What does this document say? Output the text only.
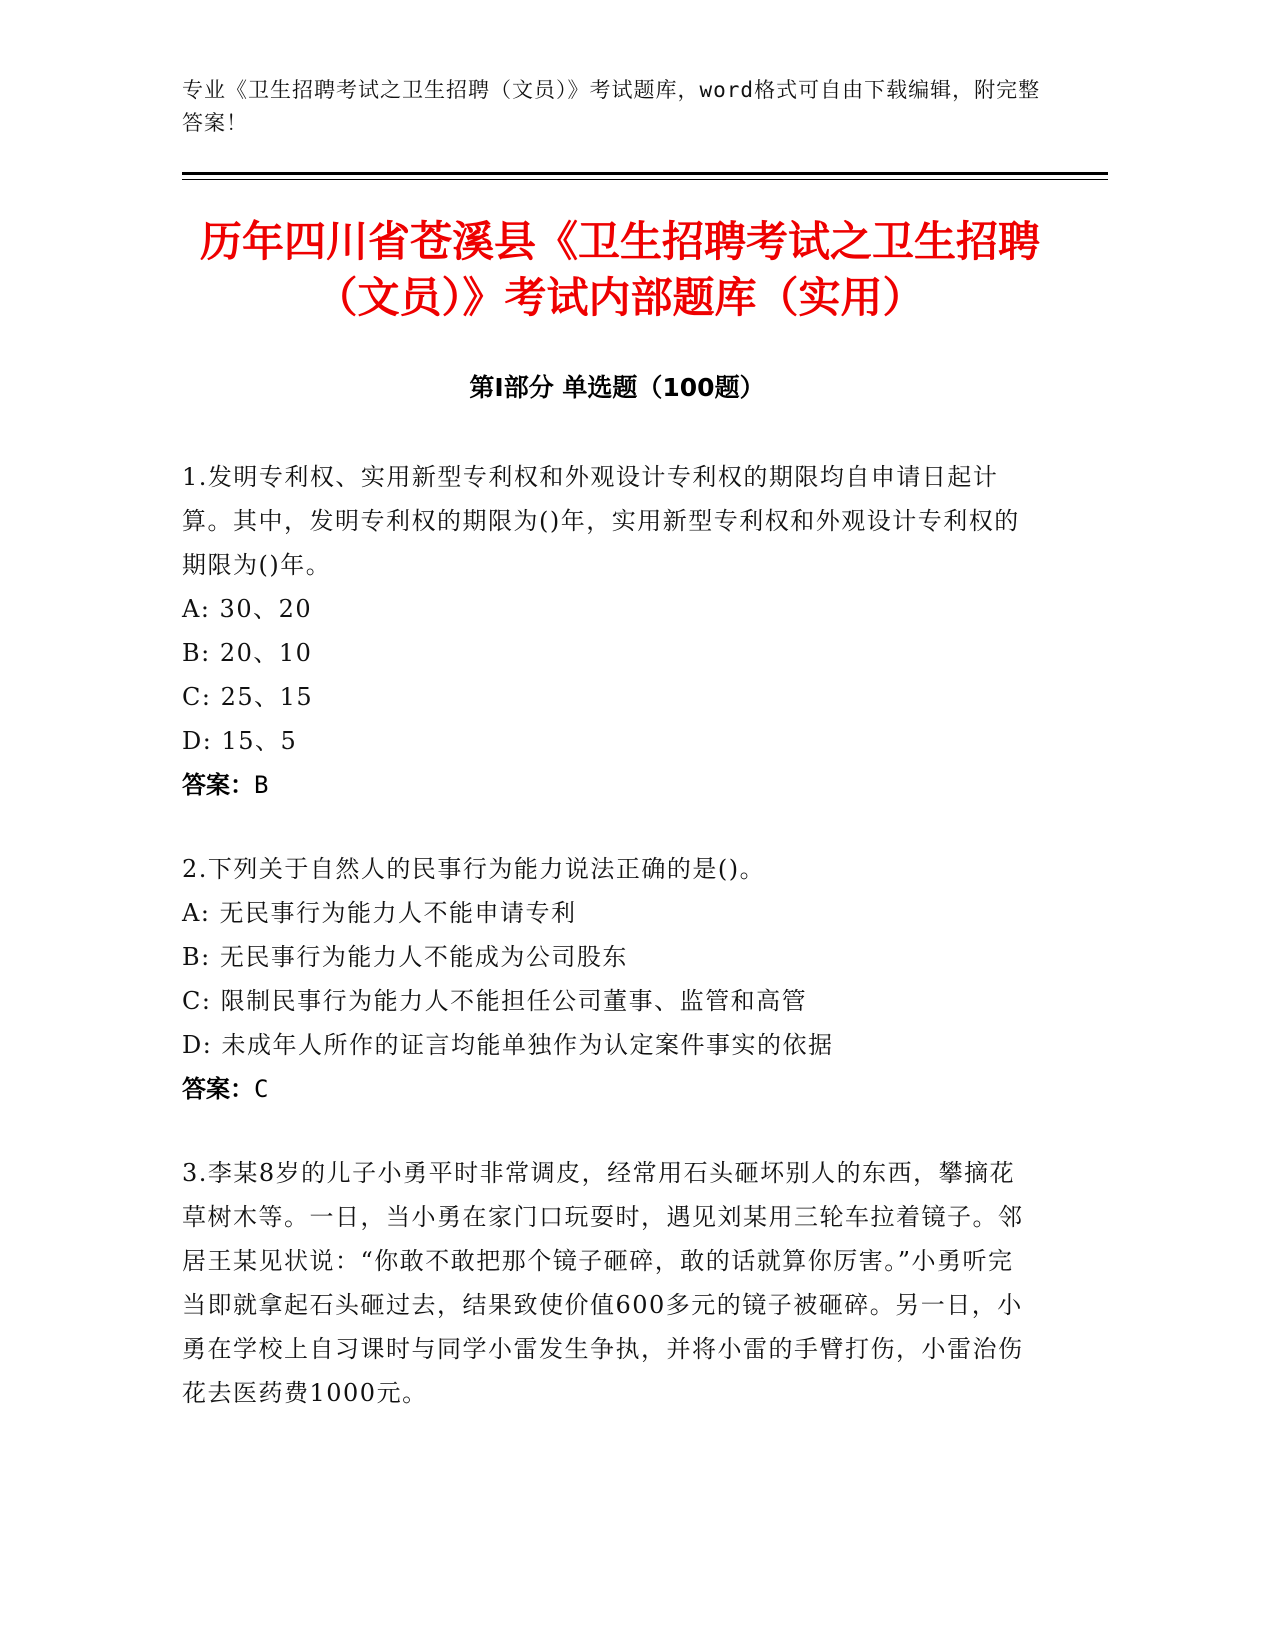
专业《卫生招聘考试之卫生招聘（文员）》考试题库，word格式可自由下载编辑，附完整答案！
历年四川省苍溪县《卫生招聘考试之卫生招聘（文员）》考试内部题库（实用）
第Ⅰ部分 单选题（100题）

1.发明专利权、实用新型专利权和外观设计专利权的期限均自申请日起计算。其中，发明专利权的期限为()年，实用新型专利权和外观设计专利权的期限为()年。

A: 30、20

B: 20、10

C: 25、15

D: 15、5

答案：B

2.下列关于自然人的民事行为能力说法正确的是()。

A: 无民事行为能力人不能申请专利

B: 无民事行为能力人不能成为公司股东

C: 限制民事行为能力人不能担任公司董事、监管和高管

D: 未成年人所作的证言均能单独作为认定案件事实的依据

答案：C

3.李某8岁的儿子小勇平时非常调皮，经常用石头砸坏别人的东西，攀摘花草树木等。一日，当小勇在家门口玩耍时，遇见刘某用三轮车拉着镜子。邻居王某见状说：“你敢不敢把那个镜子砸碎，敢的话就算你厉害。”小勇听完当即就拿起石头砸过去，结果致使价值600多元的镜子被砸碎。另一日，小勇在学校上自习课时与同学小雷发生争执，并将小雷的手臂打伤，小雷治伤花去医药费1000元。
